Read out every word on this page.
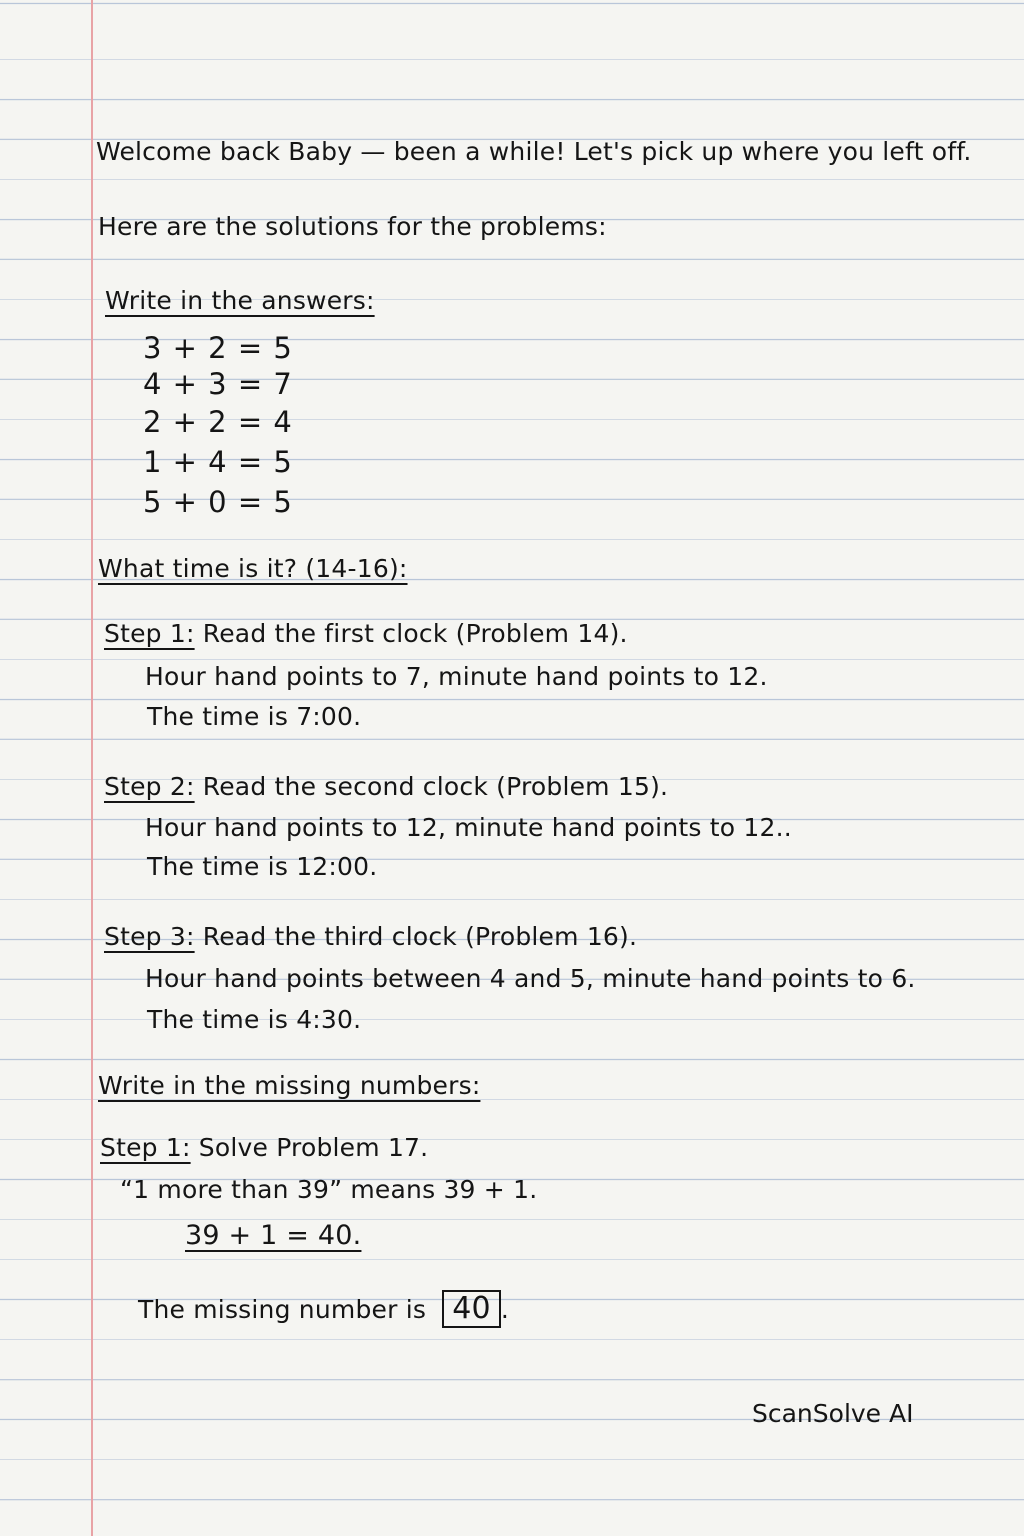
Welcome back Baby — been a while! Let's pick up where you left off.
Here are the solutions for the problems:
Write in the answers:
3 + 2 = 5
4 + 3 = 7
2 + 2 = 4
1 + 4 = 5
5 + 0 = 5
What time is it? (14-16):
Step 1: Read the first clock (Problem 14).
Hour hand points to 7, minute hand points to 12.
The time is 7:00.
Step 2: Read the second clock (Problem 15).
Hour hand points to 12, minute hand points to 12..
The time is 12:00.
Step 3: Read the third clock (Problem 16).
Hour hand points between 4 and 5, minute hand points to 6.
The time is 4:30.
Write in the missing numbers:
Step 1: Solve Problem 17.
“1 more than 39” means 39 + 1.
39 + 1 = 40.
The missing number is 40 .
ScanSolve AI
